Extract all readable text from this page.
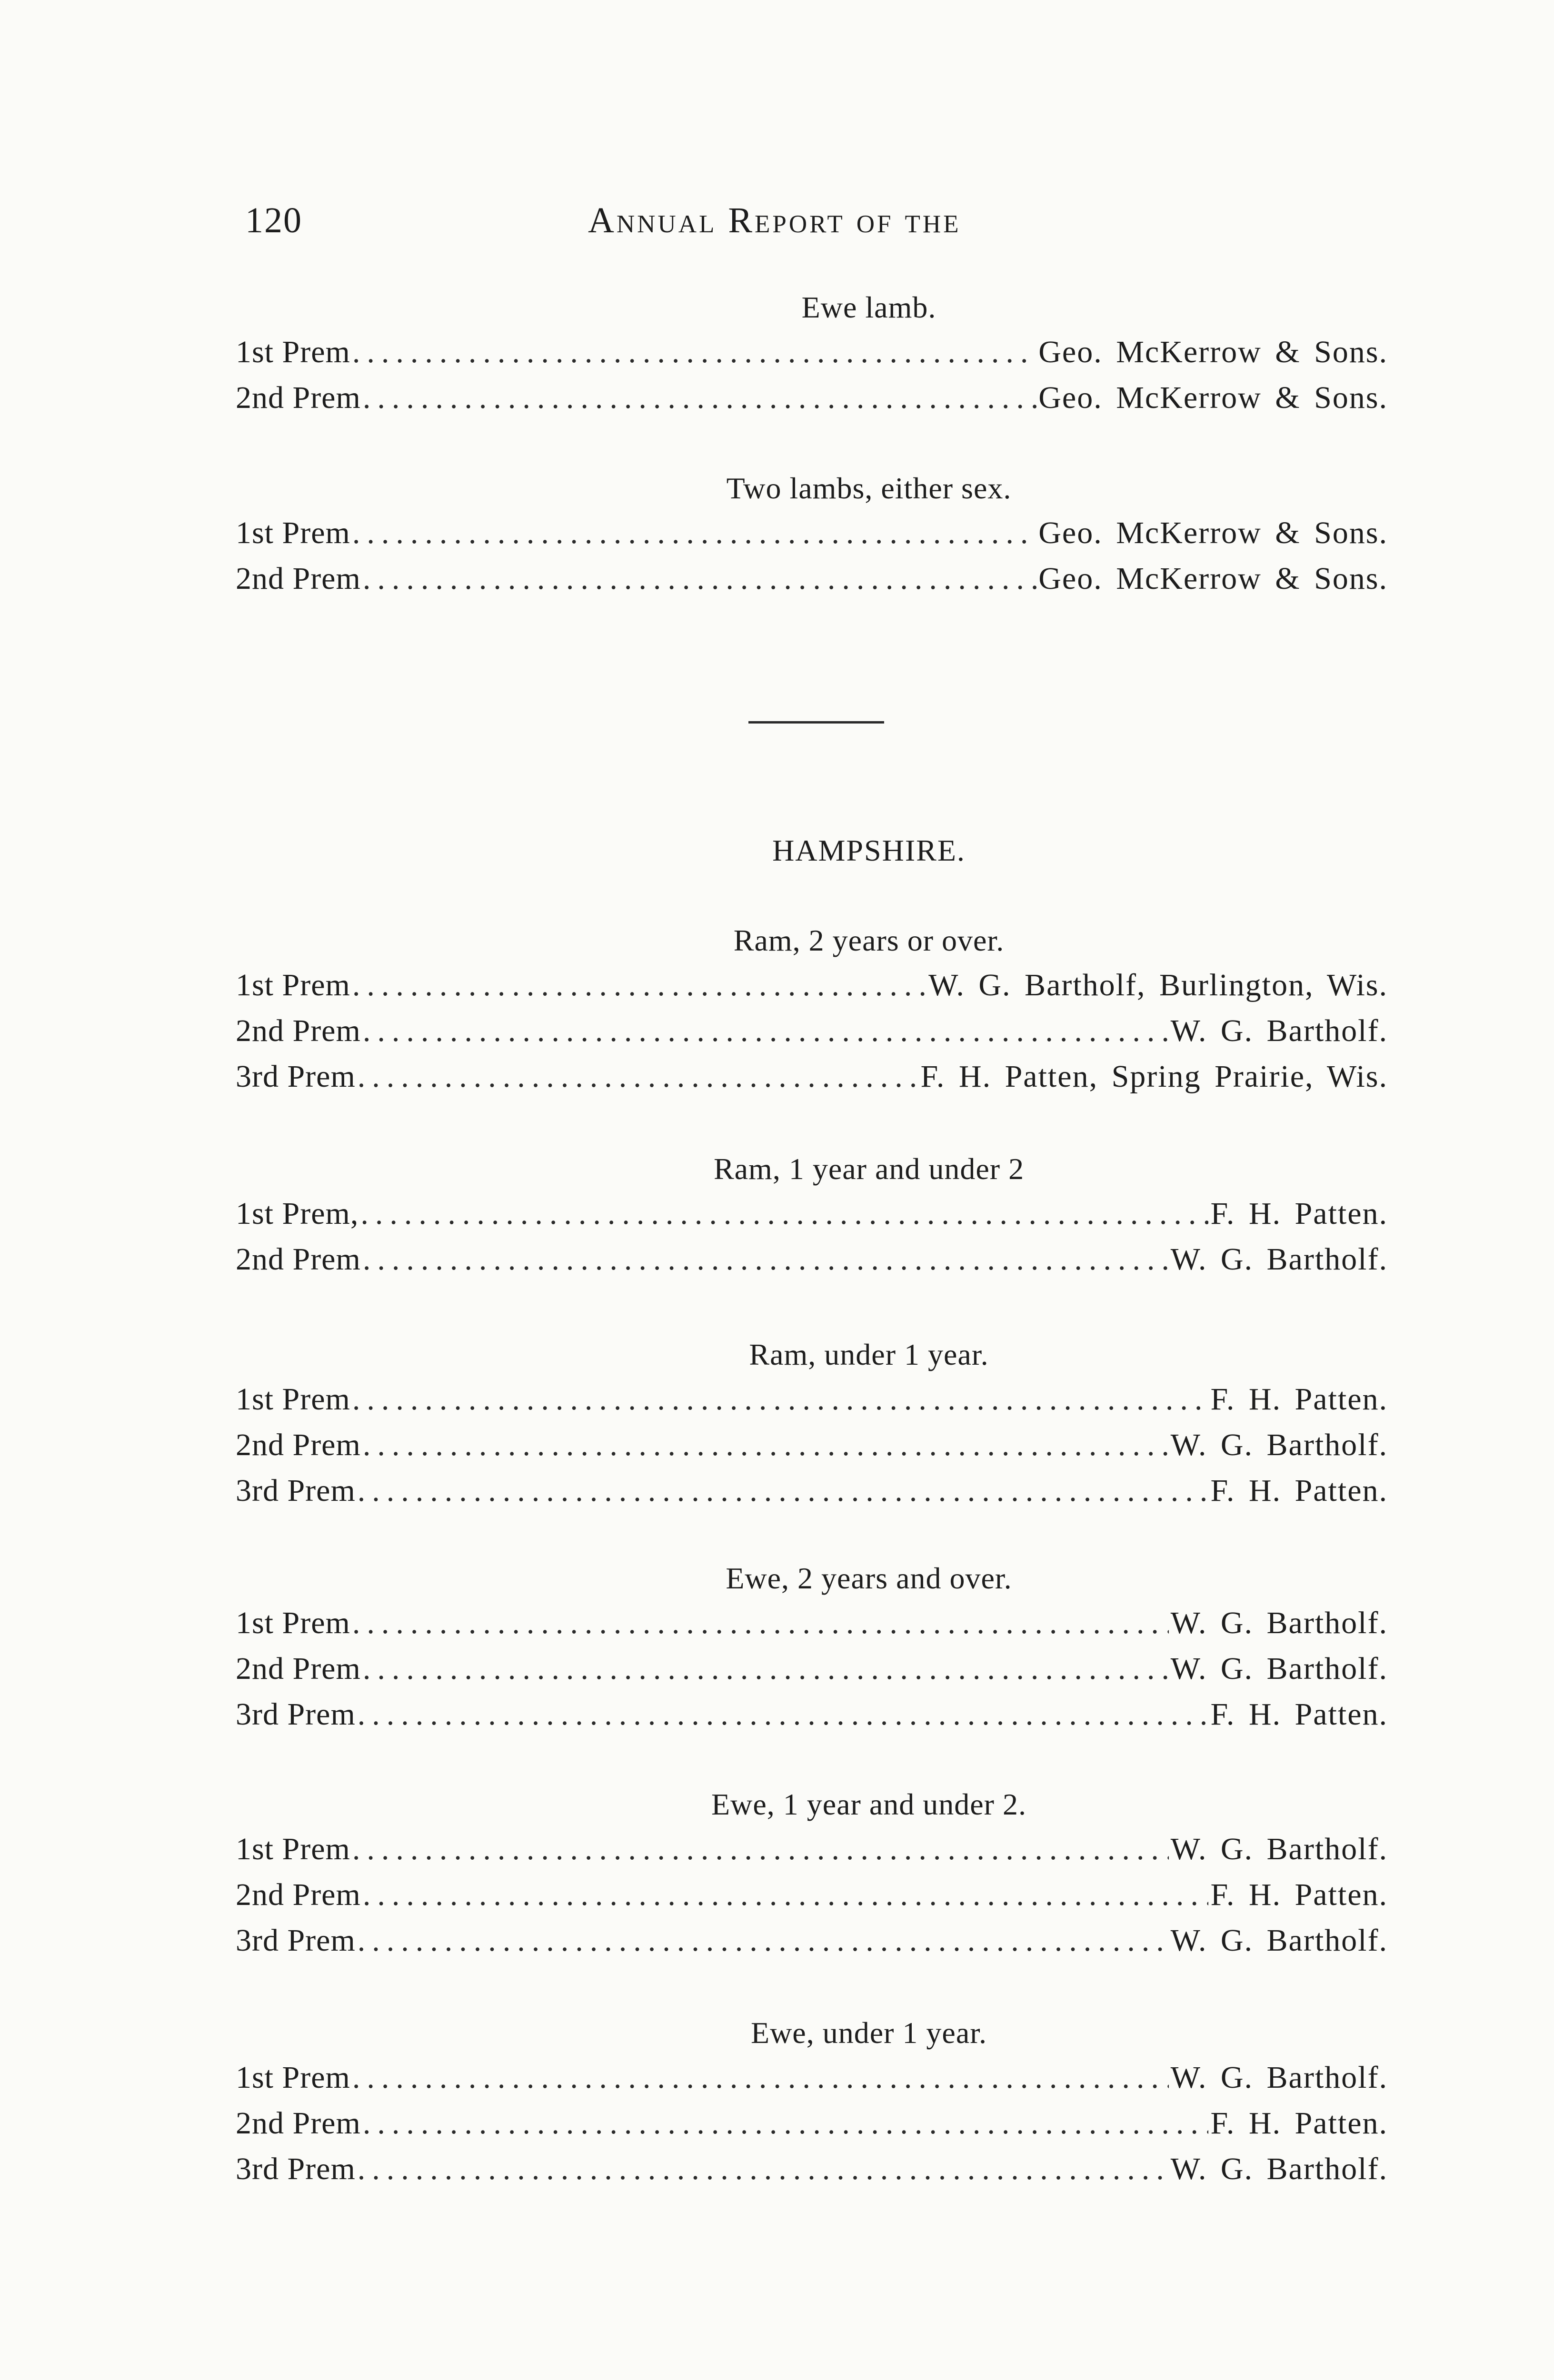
120	Annual Report of the
Ewe lamb.
1st Prem .....	Geo. McKerrow & Sons.
2nd Prem .....	Geo. McKerrow & Sons.
Two lambs, either sex.
1st Prem .....	Geo. McKerrow & Sons.
2nd Prem .....	Geo. McKerrow & Sons.
HAMPSHIRE.
Ram, 2 years or over.
1st Prem .....	W. G. Bartholf, Burlington, Wis.
2nd Prem .....	W. G. Bartholf.
3rd Prem .....	F. H. Patten, Spring Prairie, Wis.
Ram, 1 year and under 2
1st Prem, .....	F. H. Patten.
2nd Prem .....	W. G. Bartholf.
Ram, under 1 year.
1st Prem .....	F. H. Patten.
2nd Prem .....	W. G. Bartholf.
3rd Prem .....	F. H. Patten.
Ewe, 2 years and over.
1st Prem .....	W. G. Bartholf.
2nd Prem .....	W. G. Bartholf.
3rd Prem .....	F. H. Patten.
Ewe, 1 year and under 2.
1st Prem .....	W. G. Bartholf.
2nd Prem .....	F. H. Patten.
3rd Prem .....	W. G. Bartholf.
Ewe, under 1 year.
1st Prem .....	W. G. Bartholf.
2nd Prem .....	F. H. Patten.
3rd Prem .....	W. G. Bartholf.
